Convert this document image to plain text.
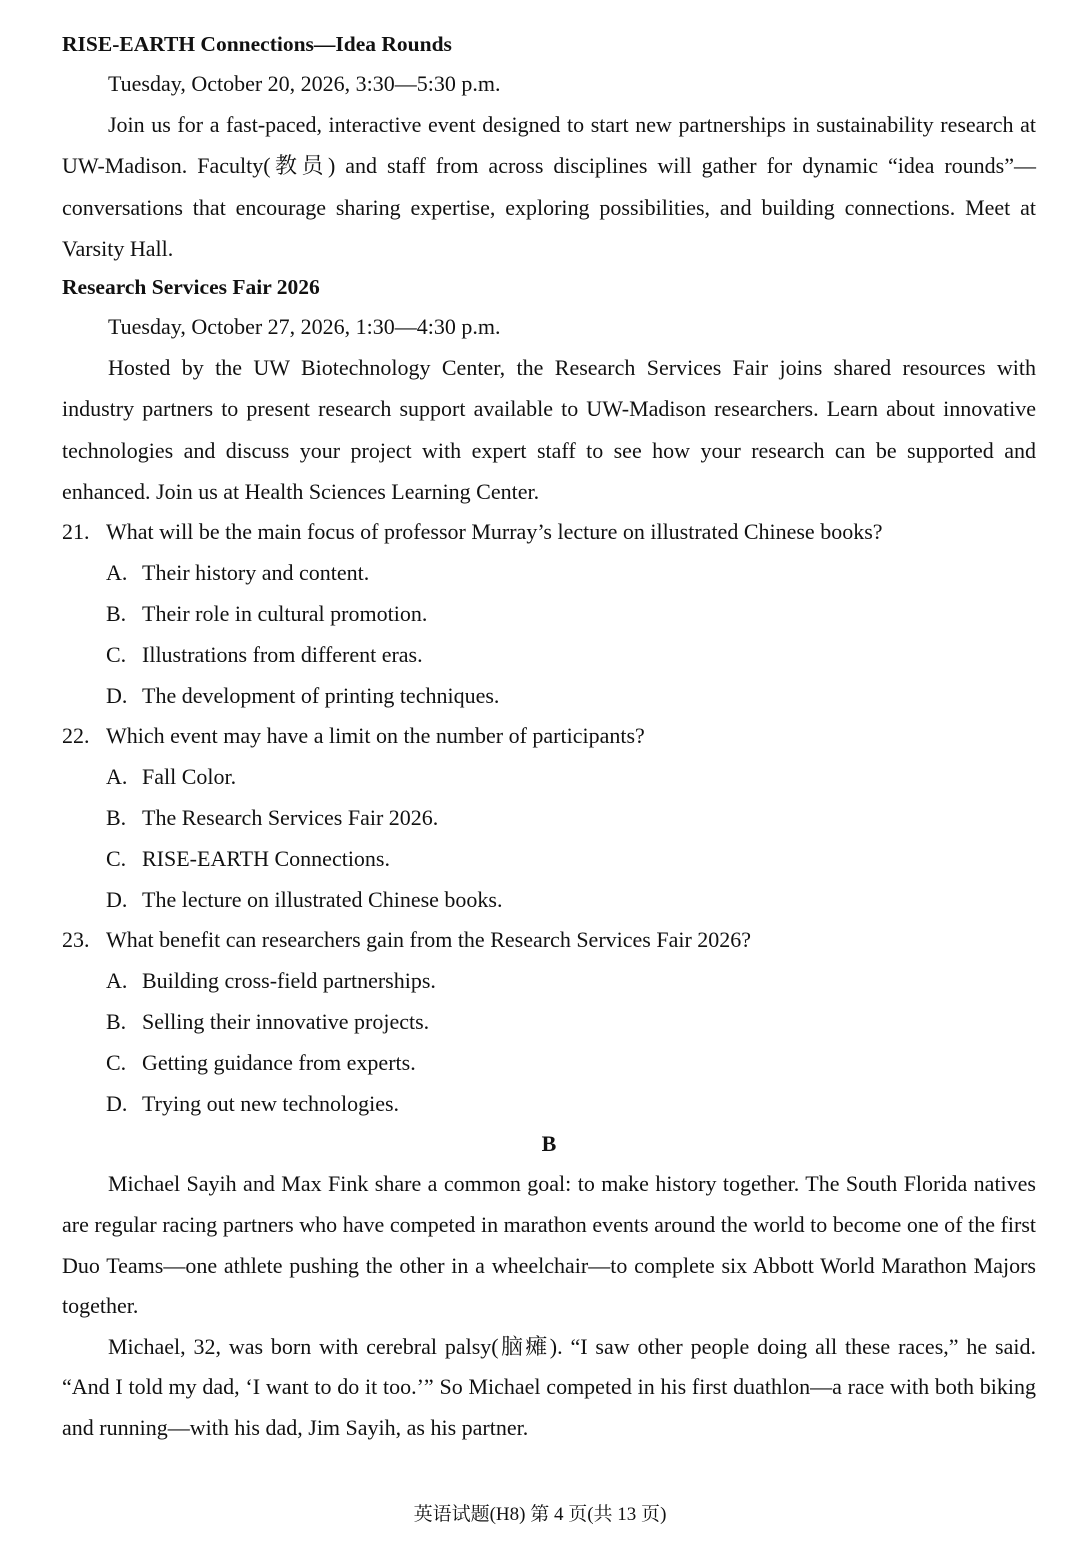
RISE-EARTH Connections—Idea Rounds

Tuesday, October 20, 2026, 3:30—5:30 p.m.

Join us for a fast-paced, interactive event designed to start new partnerships in sustainability research at UW-Madison. Faculty(教员) and staff from across disciplines will gather for dynamic “idea rounds”—conversations that encourage sharing expertise, exploring possibilities, and building connections. Meet at Varsity Hall.

Research Services Fair 2026

Tuesday, October 27, 2026, 1:30—4:30 p.m.

Hosted by the UW Biotechnology Center, the Research Services Fair joins shared resources with industry partners to present research support available to UW-Madison researchers. Learn about innovative technologies and discuss your project with expert staff to see how your research can be supported and enhanced. Join us at Health Sciences Learning Center.

21. What will be the main focus of professor Murray’s lecture on illustrated Chinese books?

A. Their history and content.

B. Their role in cultural promotion.

C. Illustrations from different eras.

D. The development of printing techniques.

22. Which event may have a limit on the number of participants?

A. Fall Color.

B. The Research Services Fair 2026.

C. RISE-EARTH Connections.

D. The lecture on illustrated Chinese books.

23. What benefit can researchers gain from the Research Services Fair 2026?

A. Building cross-field partnerships.

B. Selling their innovative projects.

C. Getting guidance from experts.

D. Trying out new technologies.

B

Michael Sayih and Max Fink share a common goal: to make history together. The South Florida natives are regular racing partners who have competed in marathon events around the world to become one of the first Duo Teams—one athlete pushing the other in a wheelchair—to complete six Abbott World Marathon Majors together.

Michael, 32, was born with cerebral palsy(脑瘫). “I saw other people doing all these races,” he said. “And I told my dad, ‘I want to do it too.’” So Michael competed in his first duathlon—a race with both biking and running—with his dad, Jim Sayih, as his partner.

英语试题(H8) 第 4 页(共 13 页)
